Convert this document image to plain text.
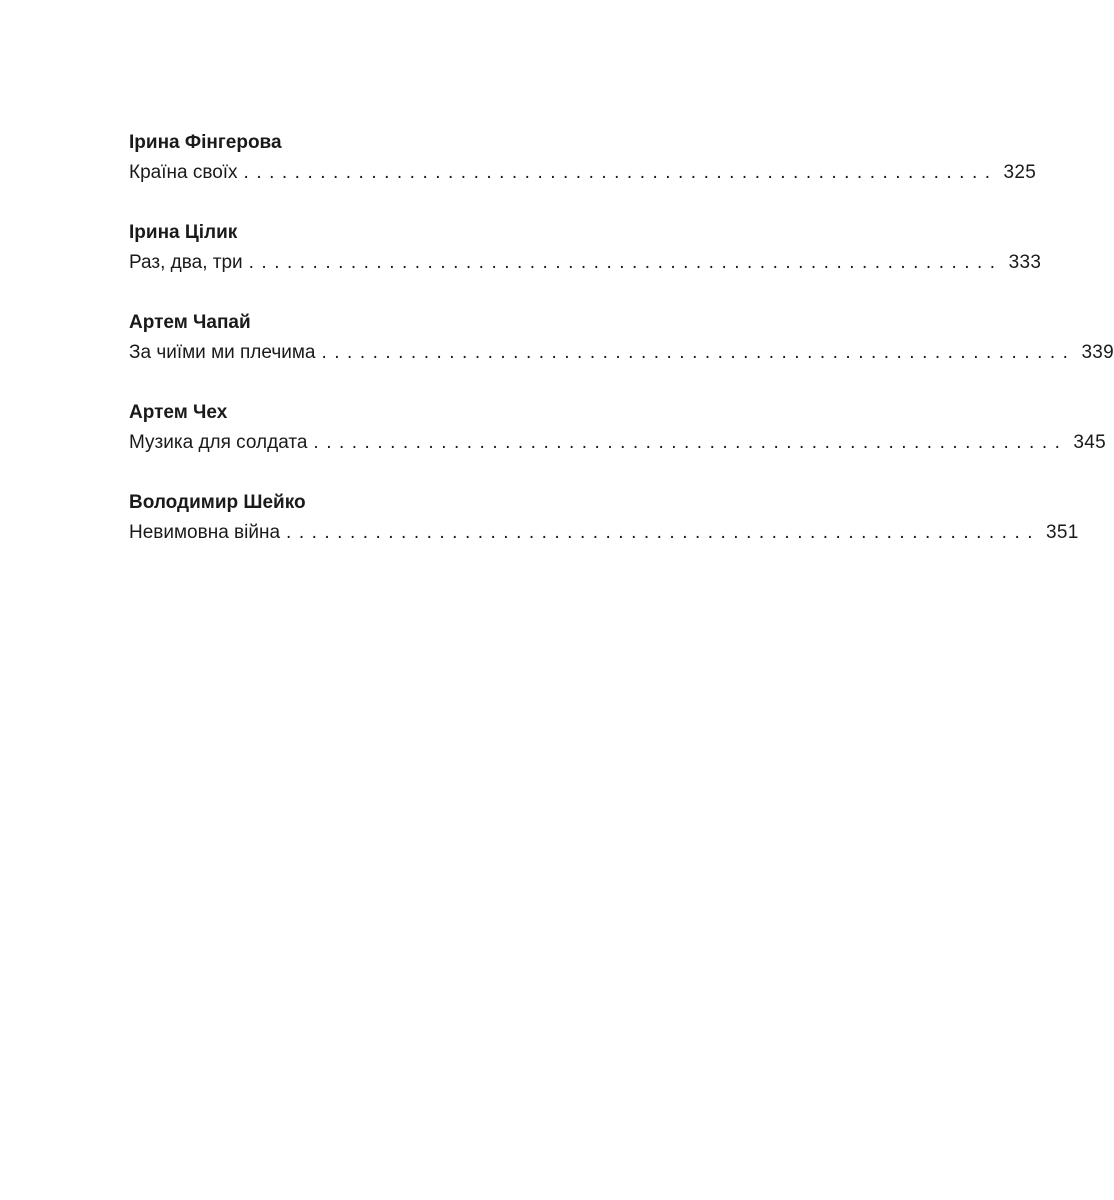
Ірина Фінгерова
Країна своїх ........................................................... 325
Ірина Цілик
Раз, два, три ........................................................... 333
Артем Чапай
За чиїми ми плечима ........................................................... 339
Артем Чех
Музика для солдата ........................................................... 345
Володимир Шейко
Невимовна війна ........................................................... 351
